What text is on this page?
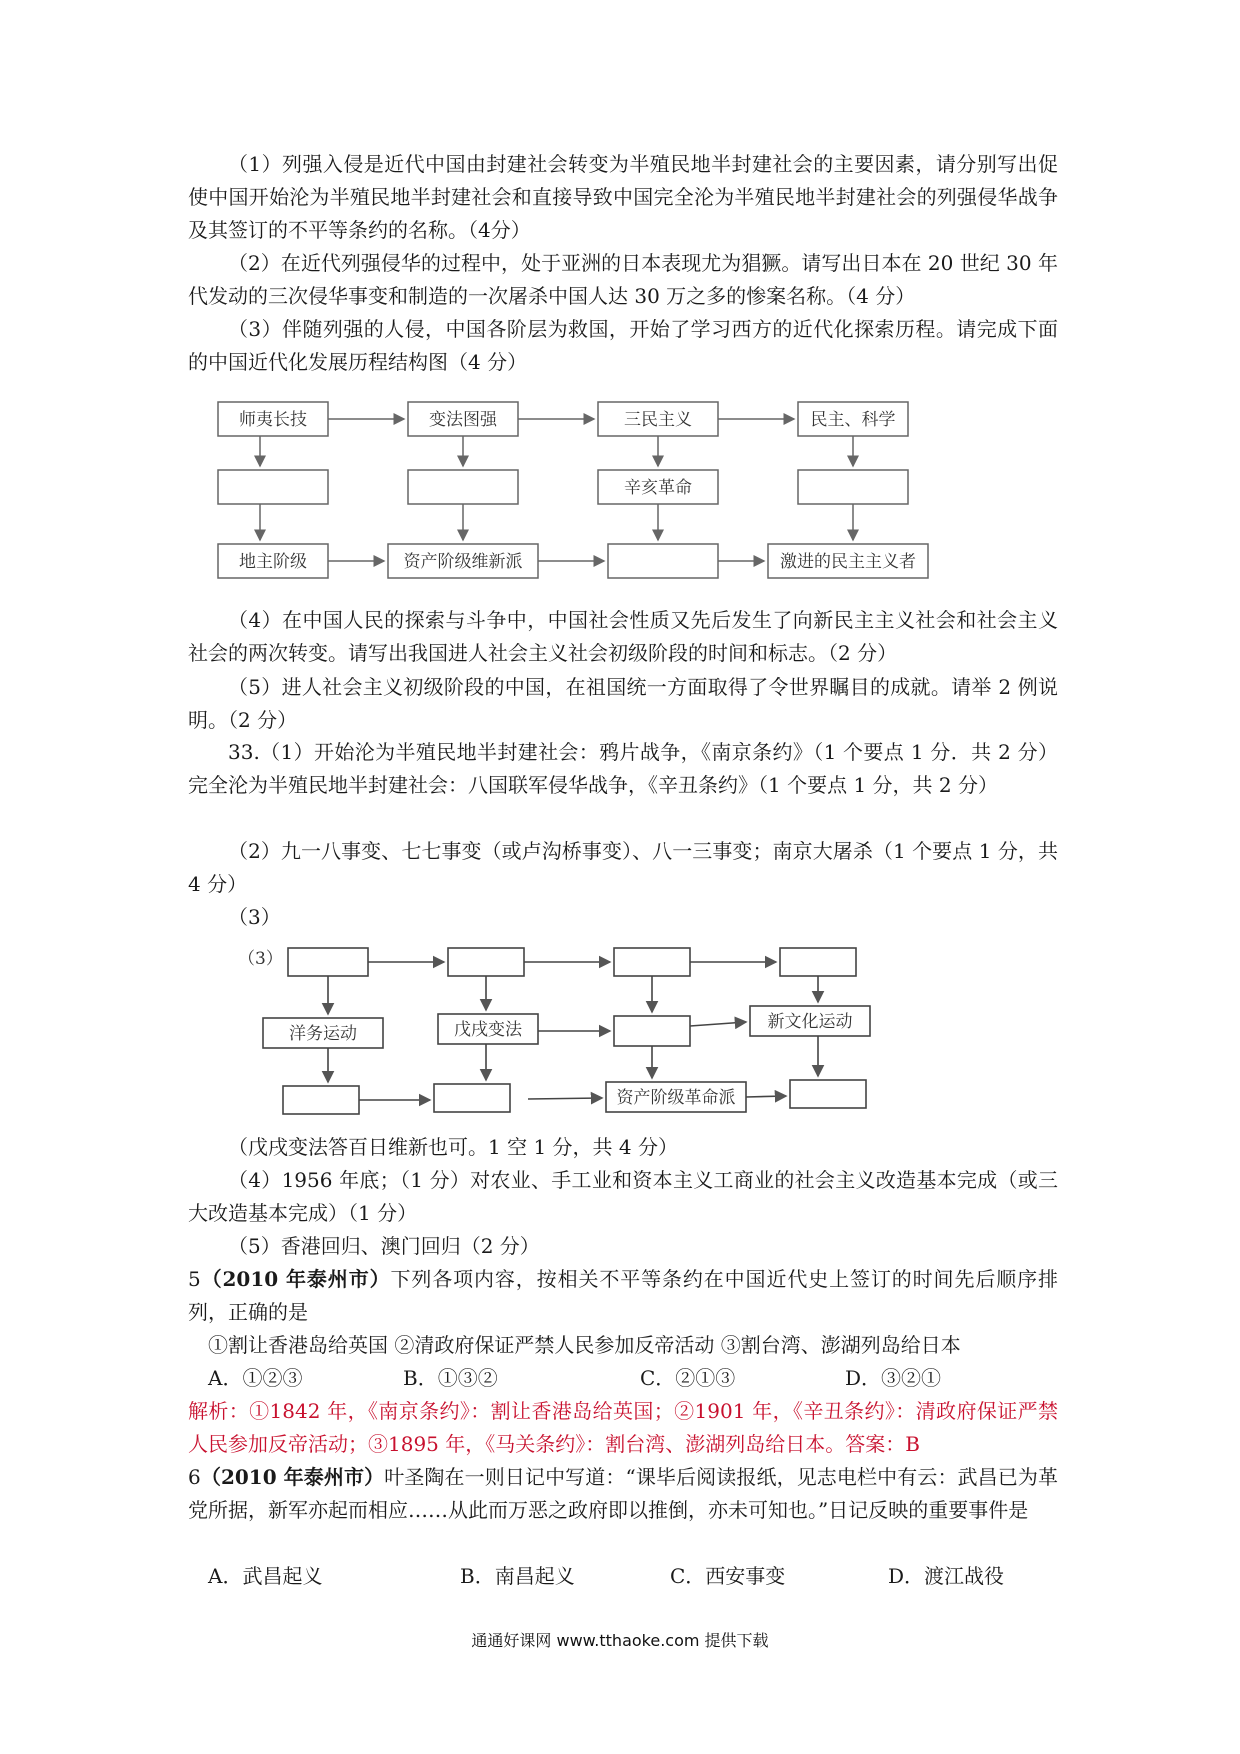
（1）列强入侵是近代中国由封建社会转变为半殖民地半封建社会的主要因素，请分别写出促使中国开始沦为半殖民地半封建社会和直接导致中国完全沦为半殖民地半封建社会的列强侵华战争及其签订的不平等条约的名称。（4分）
（2）在近代列强侵华的过程中，处于亚洲的日本表现尤为猖獗。请写出日本在 20 世纪 30 年代发动的三次侵华事变和制造的一次屠杀中国人达 30 万之多的惨案名称。（4 分）
（3）伴随列强的人侵，中国各阶层为救国，开始了学习西方的近代化探索历程。请完成下面的中国近代化发展历程结构图（4 分）
师夷长技	变法图强	三民主义	民主、科学
辛亥革命
地主阶级	资产阶级维新派	激进的民主主义者
（4）在中国人民的探索与斗争中，中国社会性质又先后发生了向新民主主义社会和社会主义社会的两次转变。请写出我国进人社会主义社会初级阶段的时间和标志。（2 分）
（5）进人社会主义初级阶段的中国，在祖国统一方面取得了令世界瞩目的成就。请举 2 例说明。（2 分）
33.（1）开始沦为半殖民地半封建社会：鸦片战争，《南京条约》（1 个要点 1 分．共 2 分）完全沦为半殖民地半封建社会：八国联军侵华战争，《辛丑条约》（1 个要点 1 分，共 2 分）
（2）九一八事变、七七事变（或卢沟桥事变）、八一三事变；南京大屠杀（1 个要点 1 分，共 4 分）
（3）
（3）
洋务运动	戊戌变法	新文化运动
资产阶级革命派
（戊戌变法答百日维新也可。1 空 1 分，共 4 分）
（4）1956 年底；（1 分）对农业、手工业和资本主义工商业的社会主义改造基本完成（或三大改造基本完成）（1 分）
（5）香港回归、澳门回归（2 分）
5（2010 年泰州市）下列各项内容，按相关不平等条约在中国近代史上签订的时间先后顺序排列，正确的是
①割让香港岛给英国 ②清政府保证严禁人民参加反帝活动 ③割台湾、澎湖列岛给日本
A．①②③	B．①③②	C．②①③	D．③②①
解析：①1842 年，《南京条约》：割让香港岛给英国；②1901 年，《辛丑条约》：清政府保证严禁人民参加反帝活动；③1895 年，《马关条约》：割台湾、澎湖列岛给日本。答案：B
6（2010 年泰州市）叶圣陶在一则日记中写道：“课毕后阅读报纸，见志电栏中有云：武昌已为革党所据，新军亦起而相应……从此而万恶之政府即以推倒，亦未可知也。”日记反映的重要事件是
A．武昌起义	B．南昌起义	C．西安事变	D．渡江战役
通通好课网 www.tthaoke.com 提供下载
